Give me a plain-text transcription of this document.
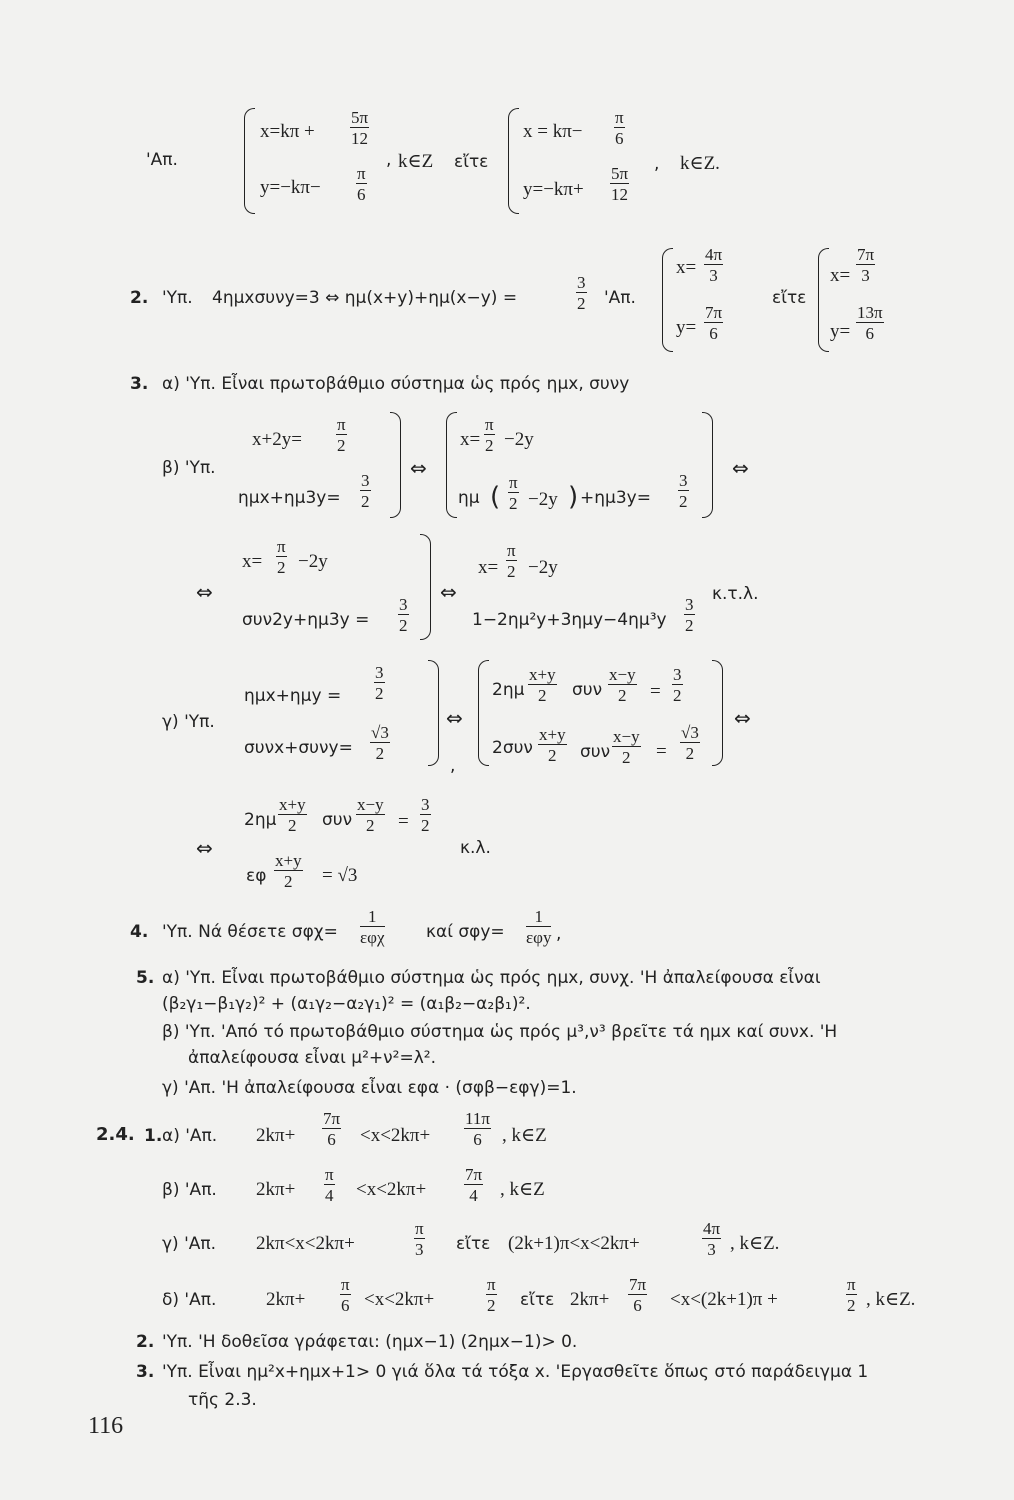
'Απ.
$x=k\pi + \frac{5\pi}{12}$
, k∈Z εἴτε
$y=-k\pi- \frac{\pi}{6}$
$x = k\pi- \frac{\pi}{6}$
, k∈Z.
$y=-k\pi+ \frac{5\pi}{12}$
2. 'Υπ. 4ημxσυνy=3 ⇔ ημ(x+y)+ημ(x−y) =	$\frac{3}{2}$ 'Απ.
$x= \frac{4\pi}{3}$
$y= \frac{7\pi}{6}$
εἴτε
$x= \frac{7\pi}{3}$
$y= \frac{13\pi}{6}$
3. α) 'Υπ. Εἶναι πρωτοβάθμιο σύστημα ὡς πρός ημx, συνy
β) 'Υπ.
$x+2y= \frac{\pi}{2}$
$\eta\mu x+\eta\mu 3y= \frac{3}{2}$
⇔
$x= \frac{\pi}{2} -2y$
ημ ( $\frac{\pi}{2} -2y$ ) $+\eta\mu 3y= \frac{3}{2}$
⇔
$x= \frac{\pi}{2} -2y$
⇔
$\sigma\upsilon\nu 2y+\eta\mu 3y = \frac{3}{2}$
⇔
$x= \frac{\pi}{2} -2y$
$1-2\eta\mu^2y+3\eta\mu y-4\eta\mu^3y \frac{3}{2}$
κ.τ.λ.
γ) 'Υπ.
$\eta\mu x+\eta\mu y = \frac{3}{2}$
$\sigma\upsilon\nu x+\sigma\upsilon\nu y= \frac{√3}{2}$
,
⇔
$2\eta\mu \frac{x+y}{2}$ συν $\frac{x-y}{2} = \frac{3}{2}$
$2\sigma\upsilon\nu \frac{x+y}{2}$ συν $\frac{x-y}{2} = \frac{√3}{2}$
⇔
$2\eta\mu \frac{x+y}{2}$ συν $\frac{x-y}{2} = \frac{3}{2}$
⇔	κ.λ.
εφ $\frac{x+y}{2} = √3$
4. 'Υπ. Νά θέσετε σφχ=
1
εφχ καί σφy=
1
εφy ,
5. α) 'Υπ. Εἶναι πρωτοβάθμιο σύστημα ὡς πρός ημx, συνχ. 'Η ἀπαλείφουσα εἶναι
(β₂γ₁−β₁γ₂)² + (α₁γ₂−α₂γ₁)² = (α₁β₂−α₂β₁)².
β) 'Υπ. 'Από τό πρωτοβάθμιο σύστημα ὡς πρός μ³,ν³ βρεῖτε τά ημx καί συνx. 'Η
ἀπαλείφουσα εἶναι μ²+ν²=λ².
γ) 'Απ. 'Η ἀπαλείφουσα εἶναι εφα · (σφβ−εφγ)=1.
2.4. 1. α) 'Απ. $2k\pi+ \frac{7\pi}{6} <x<2k\pi+ \frac{11\pi}{6}$ , k∈Z
β) 'Απ. $2k\pi+ \frac{\pi}{4} <x<2k\pi+ \frac{7\pi}{4}$ , k∈Z
γ) 'Απ. 2kπ<x<2kπ+	$\frac{\pi}{3}$ εἴτε (2k+1)π<x<2kπ+	$\frac{4\pi}{3}$ , k∈Z.
δ) 'Απ.	$2k\pi+ \frac{\pi}{6} <x<2k\pi+$	$\frac{\pi}{2}$ εἴτε $2k\pi+ \frac{7\pi}{6} <x<(2k+1)\pi$ +	$\frac{\pi}{2}$ , k∈Z.
2. 'Υπ. 'Η δοθεῖσα γράφεται: (ημx−1) (2ημx−1)> 0.
3. 'Υπ. Εἶναι ημ²x+ημx+1> 0 γιά ὅλα τά τόξα x. 'Εργασθεῖτε ὅπως στό παράδειγμα 1
τῆς 2.3.
116
